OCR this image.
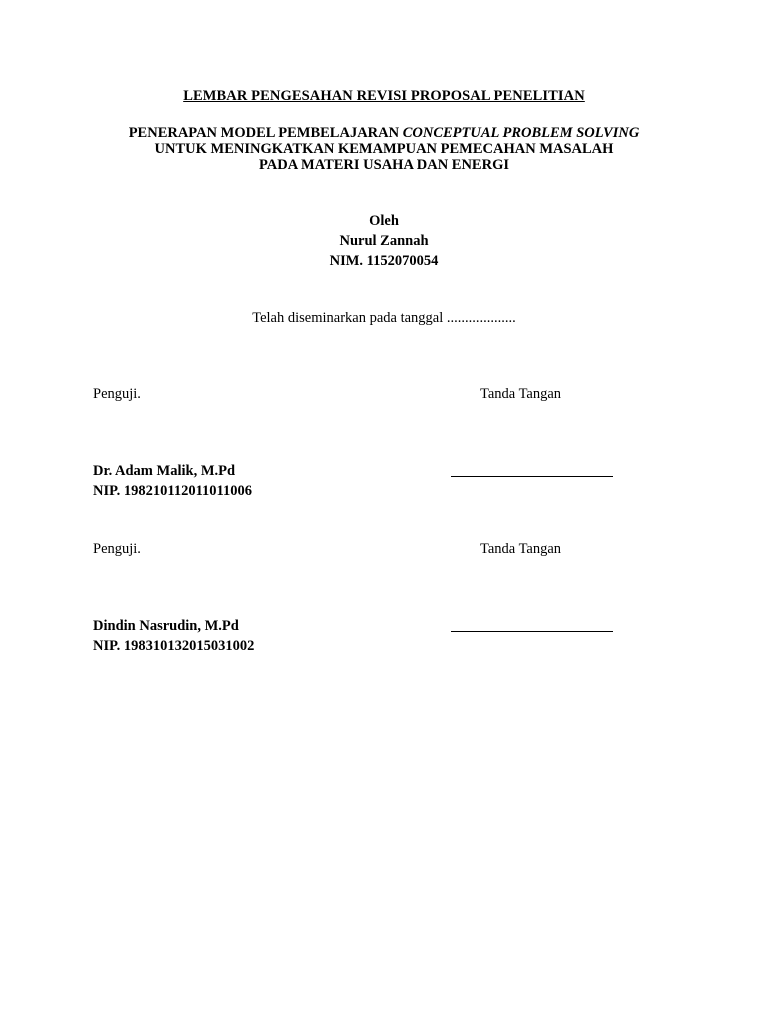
LEMBAR PENGESAHAN REVISI PROPOSAL PENELITIAN
PENERAPAN MODEL PEMBELAJARAN CONCEPTUAL PROBLEM SOLVING
UNTUK MENINGKATKAN KEMAMPUAN PEMECAHAN MASALAH
PADA MATERI USAHA DAN ENERGI
Oleh
Nurul Zannah
NIM. 1152070054
Telah diseminarkan pada tanggal ...................
Penguji.	Tanda Tangan
Dr. Adam Malik, M.Pd
NIP. 198210112011011006
Penguji.	Tanda Tangan
Dindin Nasrudin, M.Pd
NIP. 198310132015031002
